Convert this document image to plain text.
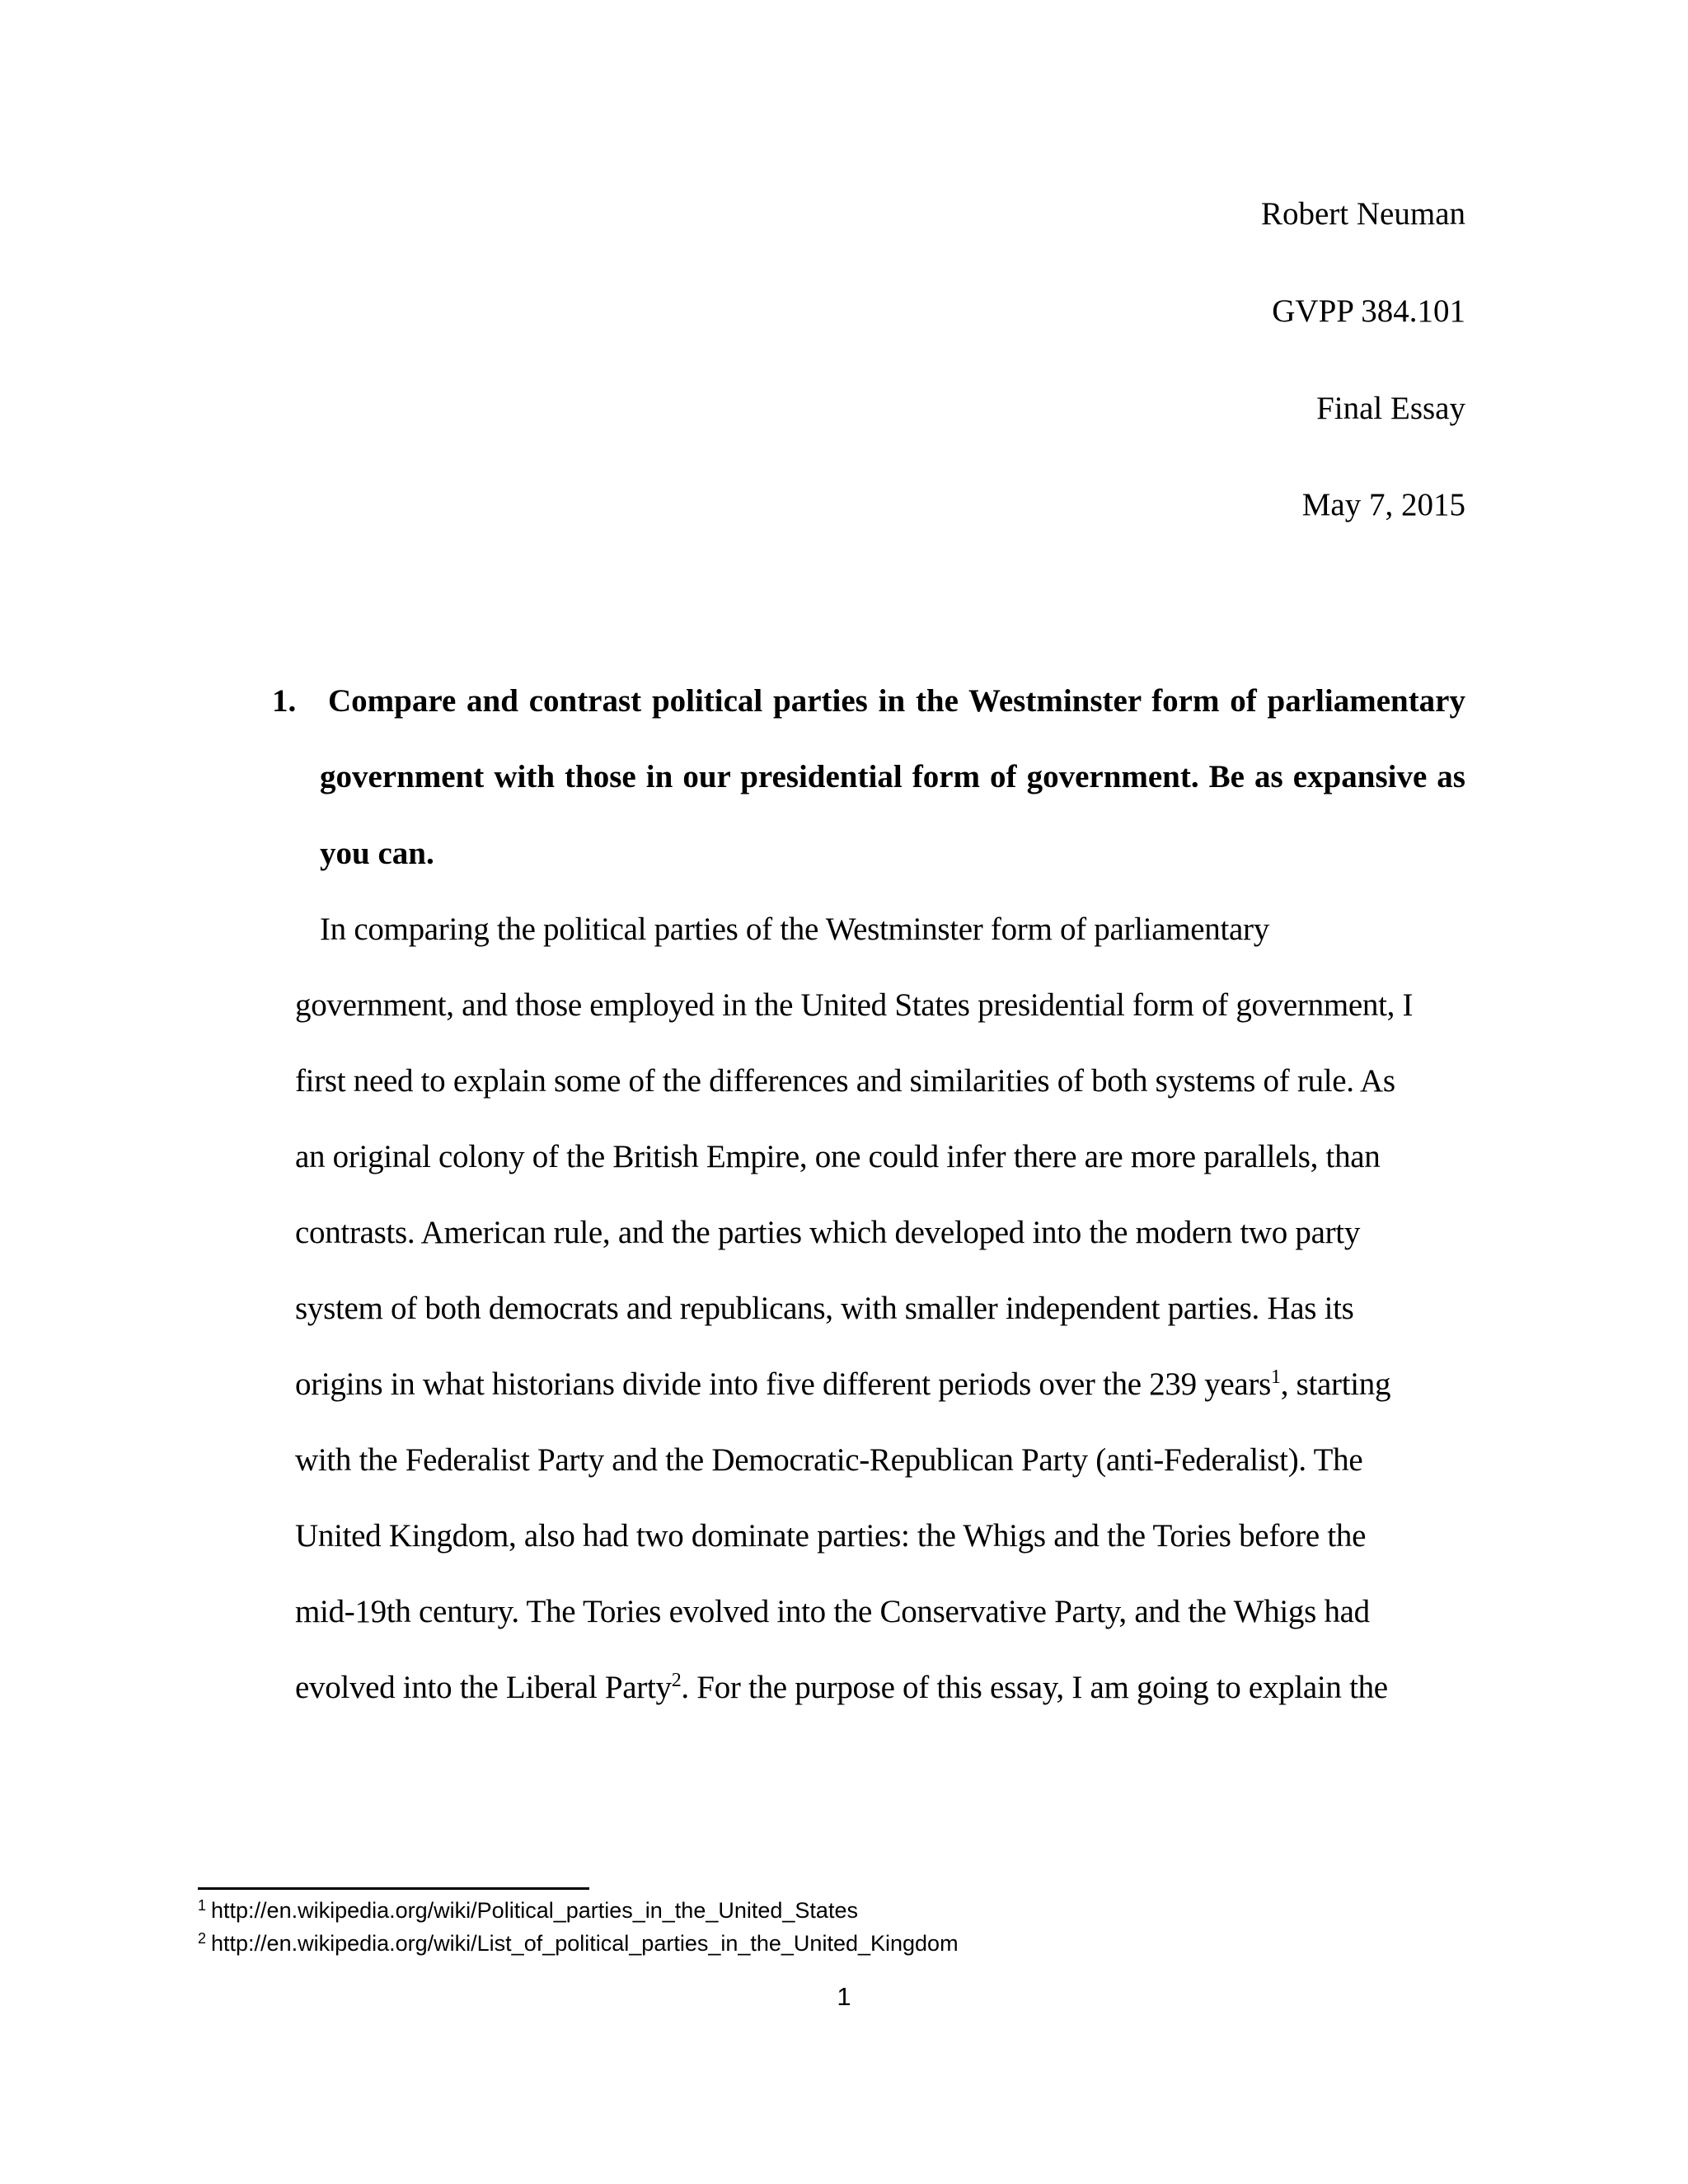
Robert Neuman
GVPP 384.101
Final Essay
May 7, 2015
1. Compare and contrast political parties in the Westminster form of parliamentary
government with those in our presidential form of government. Be as expansive as
you can.
In comparing the political parties of the Westminster form of parliamentary
government, and those employed in the United States presidential form of government, I
first need to explain some of the differences and similarities of both systems of rule. As
an original colony of the British Empire, one could infer there are more parallels, than
contrasts. American rule, and the parties which developed into the modern two party
system of both democrats and republicans, with smaller independent parties. Has its
origins in what historians divide into five different periods over the 239 years$^1$, starting
with the Federalist Party and the Democratic-Republican Party (anti-Federalist). The
United Kingdom, also had two dominate parties: the Whigs and the Tories before the
mid-19th century. The Tories evolved into the Conservative Party, and the Whigs had
evolved into the Liberal Party$^2$. For the purpose of this essay, I am going to explain the
$^1$ http://en.wikipedia.org/wiki/Political_parties_in_the_United_States
$^2$ http://en.wikipedia.org/wiki/List_of_political_parties_in_the_United_Kingdom
1
